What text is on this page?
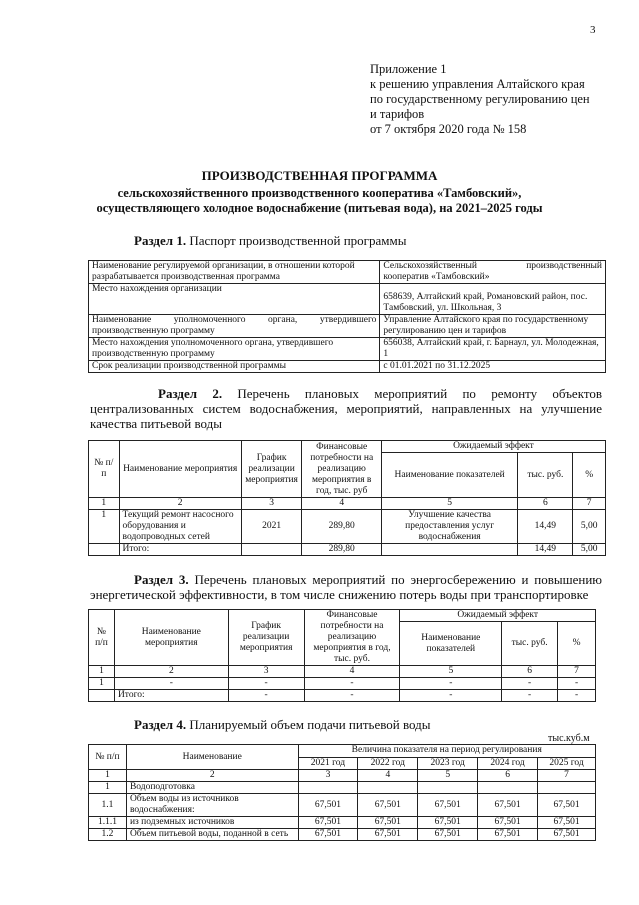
3
Приложение 1
к решению управления Алтайского края
по государственному регулированию цен
и тарифов
от 7 октября 2020 года № 158
ПРОИЗВОДСТВЕННАЯ ПРОГРАММА
сельскохозяйственного производственного кооператива «Тамбовский»,
осуществляющего холодное водоснабжение (питьевая вода), на 2021–2025 годы
Раздел 1. Паспорт производственной программы
Наименование регулируемой организации, в отношении которой разрабатывается производственная программа	Сельскохозяйственный производственный
кооператив «Тамбовский»
Место нахождения организации	658639, Алтайский край, Романовский район, пос. Тамбовский, ул. Школьная, 3

Наименование уполномоченного органа, утвердившего
производственную программу	Управление Алтайского края по государственному регулированию цен и тарифов
Место нахождения уполномоченного органа, утвердившего производственную программу	656038, Алтайский край, г. Барнаул, ул. Молодежная, 1
Срок реализации производственной программы	с 01.01.2021 по 31.12.2025
Раздел 2. Перечень плановых мероприятий по ремонту объектов централизованных систем водоснабжения, мероприятий, направленных на улучшение качества питьевой воды
№ п/п	Наименование мероприятия	График реализации мероприятия	Финансовые потребности на реализацию мероприятия в год, тыс. руб	Ожидаемый эффект		
				Наименование показателей	тыс. руб.	%
1	2	3	4	5	6	7
1	Текущий ремонт насосного оборудования и водопроводных сетей	2021	289,80	Улучшение качества предоставления услуг водоснабжения	14,49	5,00
	Итого:		289,80		14,49	5,00
Раздел 3. Перечень плановых мероприятий по энергосбережению и повышению энергетической эффективности, в том числе снижению потерь воды при транспортировке
№ п/п	Наименование мероприятия	График реализации мероприятия	Финансовые потребности на реализацию мероприятия в год, тыс. руб.	Ожидаемый эффект		
				Наименование показателей	тыс. руб.	%
1	2	3	4	5	6	7
1	-	-	-	-	-	-
	Итого:	-	-	-	-	-
Раздел 4. Планируемый объем подачи питьевой воды
тыс.куб.м
№ п/п	Наименование	Величина показателя на период регулирования				
		2021 год	2022 год	2023 год	2024 год	2025 год
1	2	3	4	5	6	7
1	Водоподготовка					
1.1	Объем воды из источников водоснабжения:	67,501	67,501	67,501	67,501	67,501
1.1.1	из подземных источников	67,501	67,501	67,501	67,501	67,501
1.2	Объем питьевой воды, поданной в сеть	67,501	67,501	67,501	67,501	67,501
